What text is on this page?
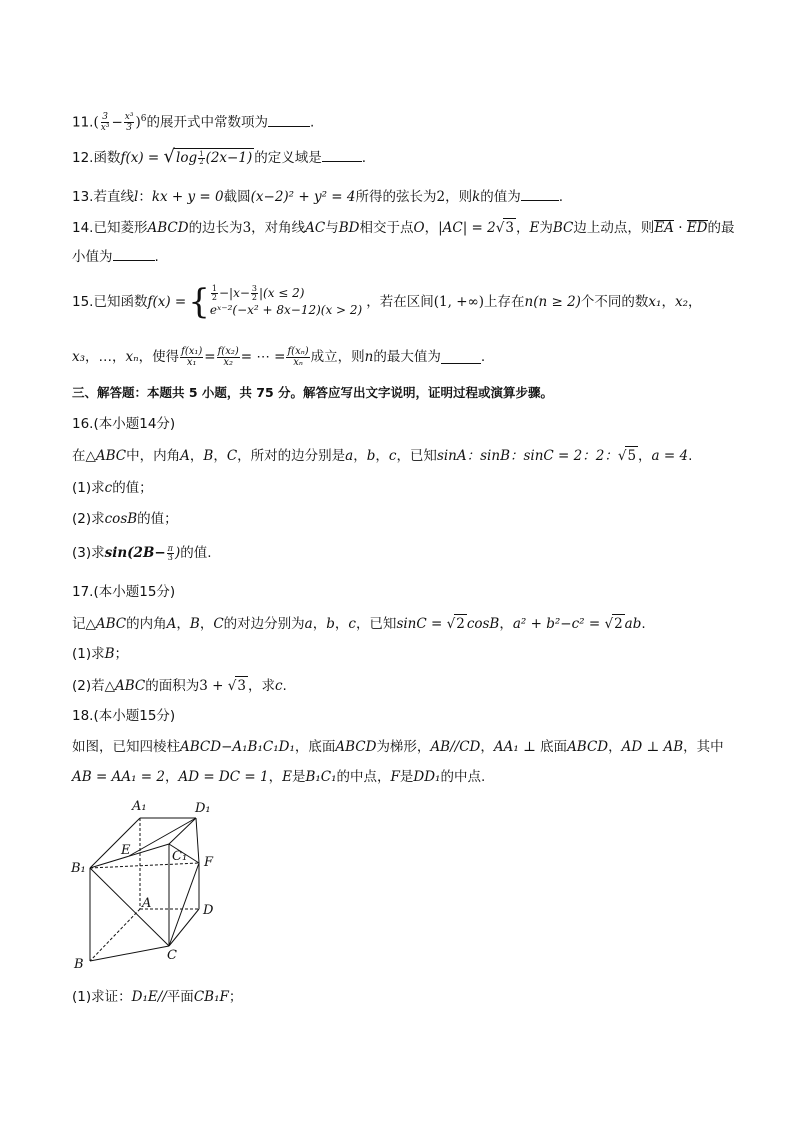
$11.( \frac{3}{\text{x³}} - \frac{\text{x³}}{3} )^6$的展开式中常数项为	.
12.函数$f(x) = √\log \frac{1}{2} (2x-1)$ 的定义域是	.
13.若直线l：kx + y = 0截圆(x−2)² + y² = 4所得的弦长为2，则k的值为	.
14.已知菱形ABCD的边长为3，对角线AC与BD相交于点O，|AC| = 2√3 ，E为BC边上动点，则EA · ED的最
小值为	.
15.已知函数 f(x) = { $\frac{1}{2} -|x- \frac{3}{2} |(x \le 2)$
eˣ⁻²(−x² + 8x−12)(x > 2) ，若在区间 (1, +∞) 上存在 n(n ≥ 2) 个不同的数 x₁ ， x₂ ，
x₃ ，…， xₙ ，使得 $\frac{\text{f(x₁)}}{\text{x₁}} = \frac{\text{f(x₂)}}{\text{x₂}}$ = ⋯ = $\frac{\text{f(xₙ)}}{\text{xₙ}}$ 成立，则 n 的最大值为	.
三、解答题：本题共 5 小题，共 75 分。解答应写出文字说明，证明过程或演算步骤。
16.(本小题14分)
在△ABC中，内角A，B，C，所对的边分别是a，b，c，已知sinA：sinB：sinC = 2：2：√5 ，a = 4.
(1)求c的值；
(2)求cosB的值；
(3)求 $\sin(2B- \frac{\pi}{3}$ ) 的值.
17.(本小题15分)
记△ABC的内角A，B，C的对边分别为a，b，c，已知sinC = √2 cosB，a² + b²−c² = √2 ab.
(1)求B；
(2)若△ABC的面积为3 + √3 ，求c.
18.(本小题15分)
如图，已知四棱柱ABCD−A₁B₁C₁D₁，底面ABCD为梯形，AB//CD，AA₁ ⊥ 底面ABCD，AD ⊥ AB，其中
AB = AA₁ = 2，AD = DC = 1，E是B₁C₁的中点，F是DD₁的中点.
A₁	D₁
E	C₁ F
B₁
A	D
B
C
(1)求证：D₁E//平面CB₁F；
